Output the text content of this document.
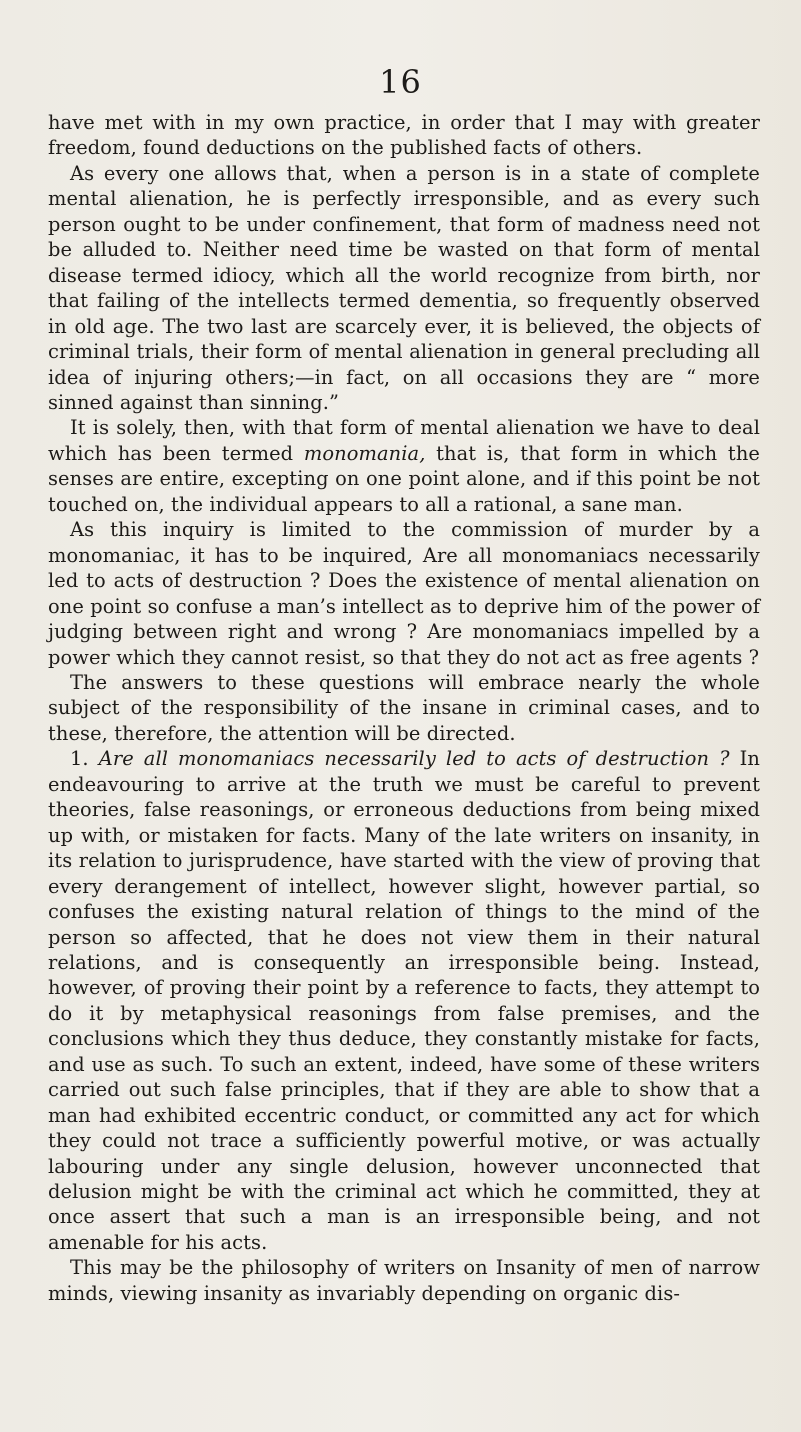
16

have met with in my own practice, in order that I may with greater freedom, found deductions on the published facts of others.

As every one allows that, when a person is in a state of complete mental alienation, he is perfectly irresponsible, and as every such person ought to be under confinement, that form of madness need not be alluded to. Neither need time be wasted on that form of mental disease termed idiocy, which all the world recognize from birth, nor that failing of the intellects termed dementia, so frequently observed in old age. The two last are scarcely ever, it is believed, the objects of criminal trials, their form of mental alienation in general precluding all idea of injuring others;—in fact, on all occasions they are “ more sinned against than sinning.”

It is solely, then, with that form of mental alienation we have to deal which has been termed monomania, that is, that form in which the senses are entire, excepting on one point alone, and if this point be not touched on, the individual appears to all a rational, a sane man.

As this inquiry is limited to the commission of murder by a monomaniac, it has to be inquired, Are all monomaniacs necessarily led to acts of destruction ? Does the existence of mental alienation on one point so confuse a man’s intellect as to deprive him of the power of judging between right and wrong ? Are monomaniacs impelled by a power which they cannot resist, so that they do not act as free agents ?

The answers to these questions will embrace nearly the whole subject of the responsibility of the insane in criminal cases, and to these, therefore, the attention will be directed.

1. Are all monomaniacs necessarily led to acts of destruction ? In endeavouring to arrive at the truth we must be careful to prevent theories, false reasonings, or erroneous deductions from being mixed up with, or mistaken for facts. Many of the late writers on insanity, in its relation to jurisprudence, have started with the view of proving that every derangement of intellect, however slight, however partial, so confuses the existing natural relation of things to the mind of the person so affected, that he does not view them in their natural relations, and is consequently an irresponsible being. Instead, however, of proving their point by a reference to facts, they attempt to do it by metaphysical reasonings from false premises, and the conclusions which they thus deduce, they constantly mistake for facts, and use as such. To such an extent, indeed, have some of these writers carried out such false principles, that if they are able to show that a man had exhibited eccentric conduct, or committed any act for which they could not trace a sufficiently powerful motive, or was actually labouring under any single delusion, however unconnected that delusion might be with the criminal act which he committed, they at once assert that such a man is an irresponsible being, and not amenable for his acts.

This may be the philosophy of writers on Insanity of men of narrow minds, viewing insanity as invariably depending on organic dis-
